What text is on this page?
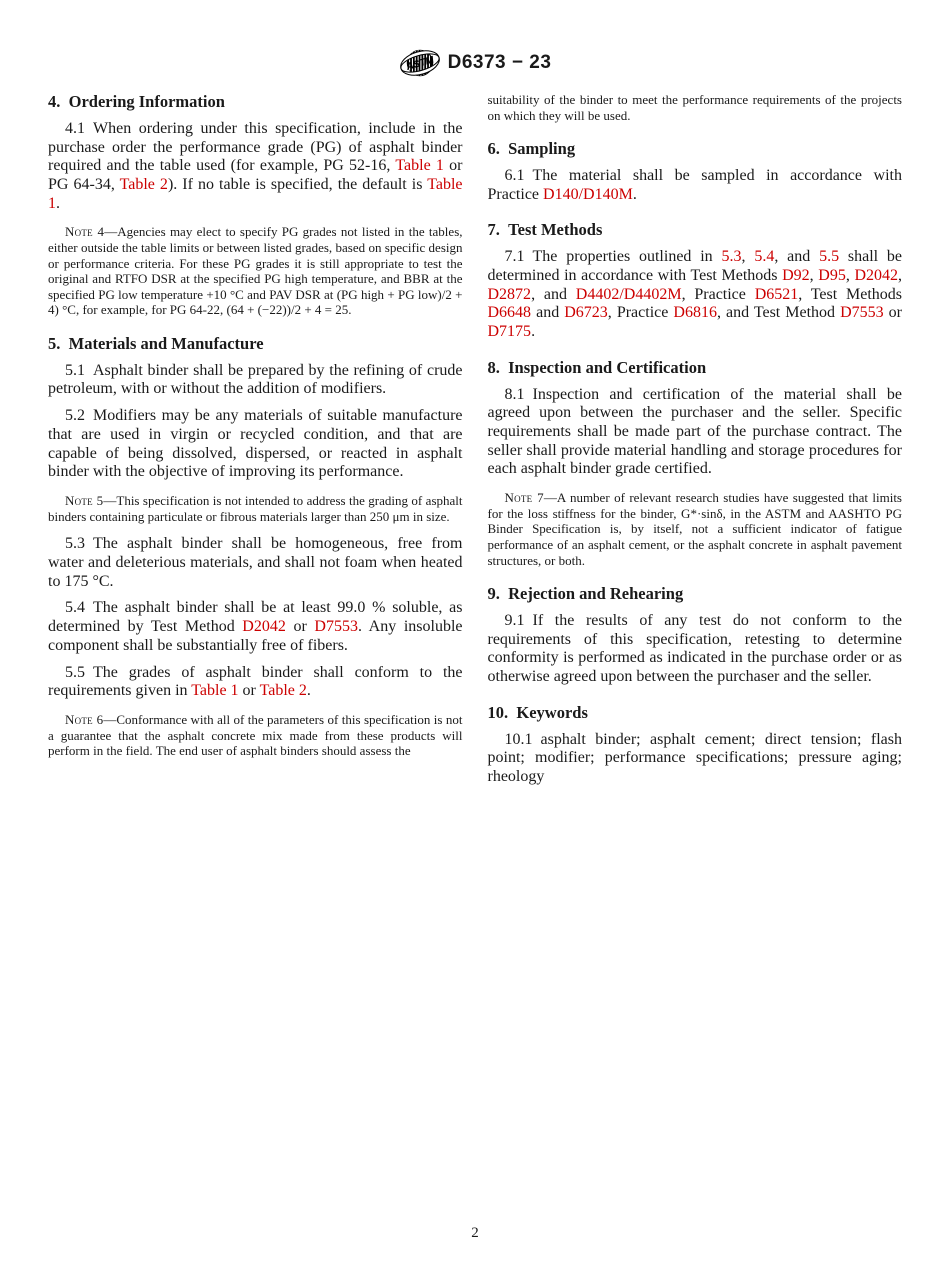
ASTM D6373 − 23
4. Ordering Information
4.1 When ordering under this specification, include in the purchase order the performance grade (PG) of asphalt binder required and the table used (for example, PG 52-16, Table 1 or PG 64-34, Table 2). If no table is specified, the default is Table 1.
Note 4—Agencies may elect to specify PG grades not listed in the tables, either outside the table limits or between listed grades, based on specific design or performance criteria. For these PG grades it is still appropriate to test the original and RTFO DSR at the specified PG high temperature, and BBR at the specified PG low temperature +10 °C and PAV DSR at (PG high + PG low)/2 + 4) °C, for example, for PG 64-22, (64 + (−22))/2 + 4 = 25.
5. Materials and Manufacture
5.1 Asphalt binder shall be prepared by the refining of crude petroleum, with or without the addition of modifiers.
5.2 Modifiers may be any materials of suitable manufacture that are used in virgin or recycled condition, and that are capable of being dissolved, dispersed, or reacted in asphalt binder with the objective of improving its performance.
Note 5—This specification is not intended to address the grading of asphalt binders containing particulate or fibrous materials larger than 250 μm in size.
5.3 The asphalt binder shall be homogeneous, free from water and deleterious materials, and shall not foam when heated to 175 °C.
5.4 The asphalt binder shall be at least 99.0 % soluble, as determined by Test Method D2042 or D7553. Any insoluble component shall be substantially free of fibers.
5.5 The grades of asphalt binder shall conform to the requirements given in Table 1 or Table 2.
Note 6—Conformance with all of the parameters of this specification is not a guarantee that the asphalt concrete mix made from these products will perform in the field. The end user of asphalt binders should assess the
suitability of the binder to meet the performance requirements of the projects on which they will be used.
6. Sampling
6.1 The material shall be sampled in accordance with Practice D140/D140M.
7. Test Methods
7.1 The properties outlined in 5.3, 5.4, and 5.5 shall be determined in accordance with Test Methods D92, D95, D2042, D2872, and D4402/D4402M, Practice D6521, Test Methods D6648 and D6723, Practice D6816, and Test Method D7553 or D7175.
8. Inspection and Certification
8.1 Inspection and certification of the material shall be agreed upon between the purchaser and the seller. Specific requirements shall be made part of the purchase contract. The seller shall provide material handling and storage procedures for each asphalt binder grade certified.
Note 7—A number of relevant research studies have suggested that limits for the loss stiffness for the binder, G*·sinδ, in the ASTM and AASHTO PG Binder Specification is, by itself, not a sufficient indicator of fatigue performance of an asphalt cement, or the asphalt concrete in asphalt pavement structures, or both.
9. Rejection and Rehearing
9.1 If the results of any test do not conform to the requirements of this specification, retesting to determine conformity is performed as indicated in the purchase order or as otherwise agreed upon between the purchaser and the seller.
10. Keywords
10.1 asphalt binder; asphalt cement; direct tension; flash point; modifier; performance specifications; pressure aging; rheology
2
